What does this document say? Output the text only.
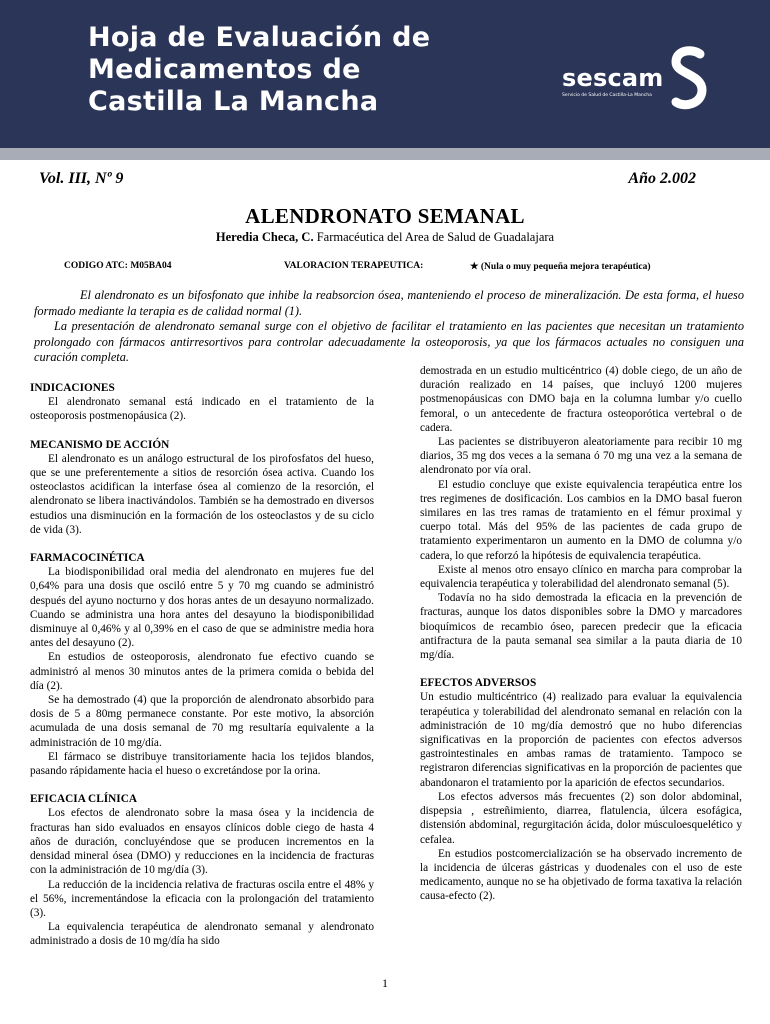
Hoja de Evaluación de
Medicamentos de
Castilla La Mancha
sescam
Servicio de Salud de Castilla-La Mancha
Vol. III, Nº 9	Año 2.002
ALENDRONATO SEMANAL
Heredia Checa, C. Farmacéutica del Area de Salud de Guadalajara
CODIGO ATC: M05BA04	VALORACION TERAPEUTICA:	★ (Nula o muy pequeña mejora terapéutica)

El alendronato es un bifosfonato que inhibe la reabsorcion ósea, manteniendo el proceso de mineralización. De esta forma, el hueso formado mediante la terapia es de calidad normal (1).

La presentación de alendronato semanal surge con el objetivo de facilitar el tratamiento en las pacientes que necesitan un tratamiento prolongado con fármacos antirresortivos para controlar adecuadamente la osteoporosis, ya que los fármacos actuales no consiguen una curación completa.

INDICACIONES

El alendronato semanal está indicado en el tratamiento de la osteoporosis postmenopáusica (2).

MECANISMO DE ACCIÓN

El alendronato es un análogo estructural de los pirofosfatos del hueso, que se une preferentemente a sitios de resorción ósea activa. Cuando los osteoclastos acidifican la interfase ósea al comienzo de la resorción, el alendronato se libera inactivándolos. También se ha demostrado en diversos estudios una disminución en la formación de los osteoclastos y de su ciclo de vida (3).

FARMACOCINÉTICA

La biodisponibilidad oral media del alendronato en mujeres fue del 0,64% para una dosis que osciló entre 5 y 70 mg cuando se administró después del ayuno nocturno y dos horas antes de un desayuno normalizado. Cuando se administra una hora antes del desayuno la biodisponibilidad disminuye al 0,46% y al 0,39% en el caso de que se administre media hora antes del desayuno (2).

En estudios de osteoporosis, alendronato fue efectivo cuando se administró al menos 30 minutos antes de la primera comida o bebida del día (2).

Se ha demostrado (4) que la proporción de alendronato absorbido para dosis de 5 a 80mg permanece constante. Por este motivo, la absorción acumulada de una dosis semanal de 70 mg resultaría equivalente a la administración de 10 mg/día.

El fármaco se distribuye transitoriamente hacia los tejidos blandos, pasando rápidamente hacia el hueso o excretándose por la orina.

EFICACIA CLÍNICA

Los efectos de alendronato sobre la masa ósea y la incidencia de fracturas han sido evaluados en ensayos clínicos doble ciego de hasta 4 años de duración, concluyéndose que se producen incrementos en la densidad mineral ósea (DMO) y reducciones en la incidencia de fracturas con la administración de 10 mg/día (3).

La reducción de la incidencia relativa de fracturas oscila entre el 48% y el 56%, incrementándose la eficacia con la prolongación del tratamiento (3).

La equivalencia terapéutica de alendronato semanal y alendronato administrado a dosis de 10 mg/día ha sido

demostrada en un estudio multicéntrico (4) doble ciego, de un año de duración realizado en 14 países, que incluyó 1200 mujeres postmenopáusicas con DMO baja en la columna lumbar y/o cuello femoral, o un antecedente de fractura osteoporótica vertebral o de cadera.

Las pacientes se distribuyeron aleatoriamente para recibir 10 mg diarios, 35 mg dos veces a la semana ó 70 mg una vez a la semana de alendronato por vía oral.

El estudio concluye que existe equivalencia terapéutica entre los tres regimenes de dosificación. Los cambios en la DMO basal fueron similares en las tres ramas de tratamiento en el fémur proximal y cuerpo total. Más del 95% de las pacientes de cada grupo de tratamiento experimentaron un aumento en la DMO de columna y/o cadera, lo que reforzó la hipótesis de equivalencia terapéutica.

Existe al menos otro ensayo clínico en marcha para comprobar la equivalencia terapéutica y tolerabilidad del alendronato semanal (5).

Todavía no ha sido demostrada la eficacia en la prevención de fracturas, aunque los datos disponibles sobre la DMO y marcadores bioquímicos de recambio óseo, parecen predecir que la eficacia antifractura de la pauta semanal sea similar a la pauta diaria de 10 mg/día.

EFECTOS ADVERSOS

Un estudio multicéntrico (4) realizado para evaluar la equivalencia terapéutica y tolerabilidad del alendronato semanal en relación con la administración de 10 mg/día demostró que no hubo diferencias significativas en la proporción de pacientes con efectos adversos gastrointestinales en ambas ramas de tratamiento. Tampoco se registraron diferencias significativas en la proporción de pacientes que abandonaron el tratamiento por la aparición de efectos secundarios.

Los efectos adversos más frecuentes (2) son dolor abdominal, dispepsia , estreñimiento, diarrea, flatulencia, úlcera esofágica, distensión abdominal, regurgitación ácida, dolor músculoesquelético y cefalea.

En estudios postcomercialización se ha observado incremento de la incidencia de úlceras gástricas y duodenales con el uso de este medicamento, aunque no se ha objetivado de forma taxativa la relación causa-efecto (2).

1
